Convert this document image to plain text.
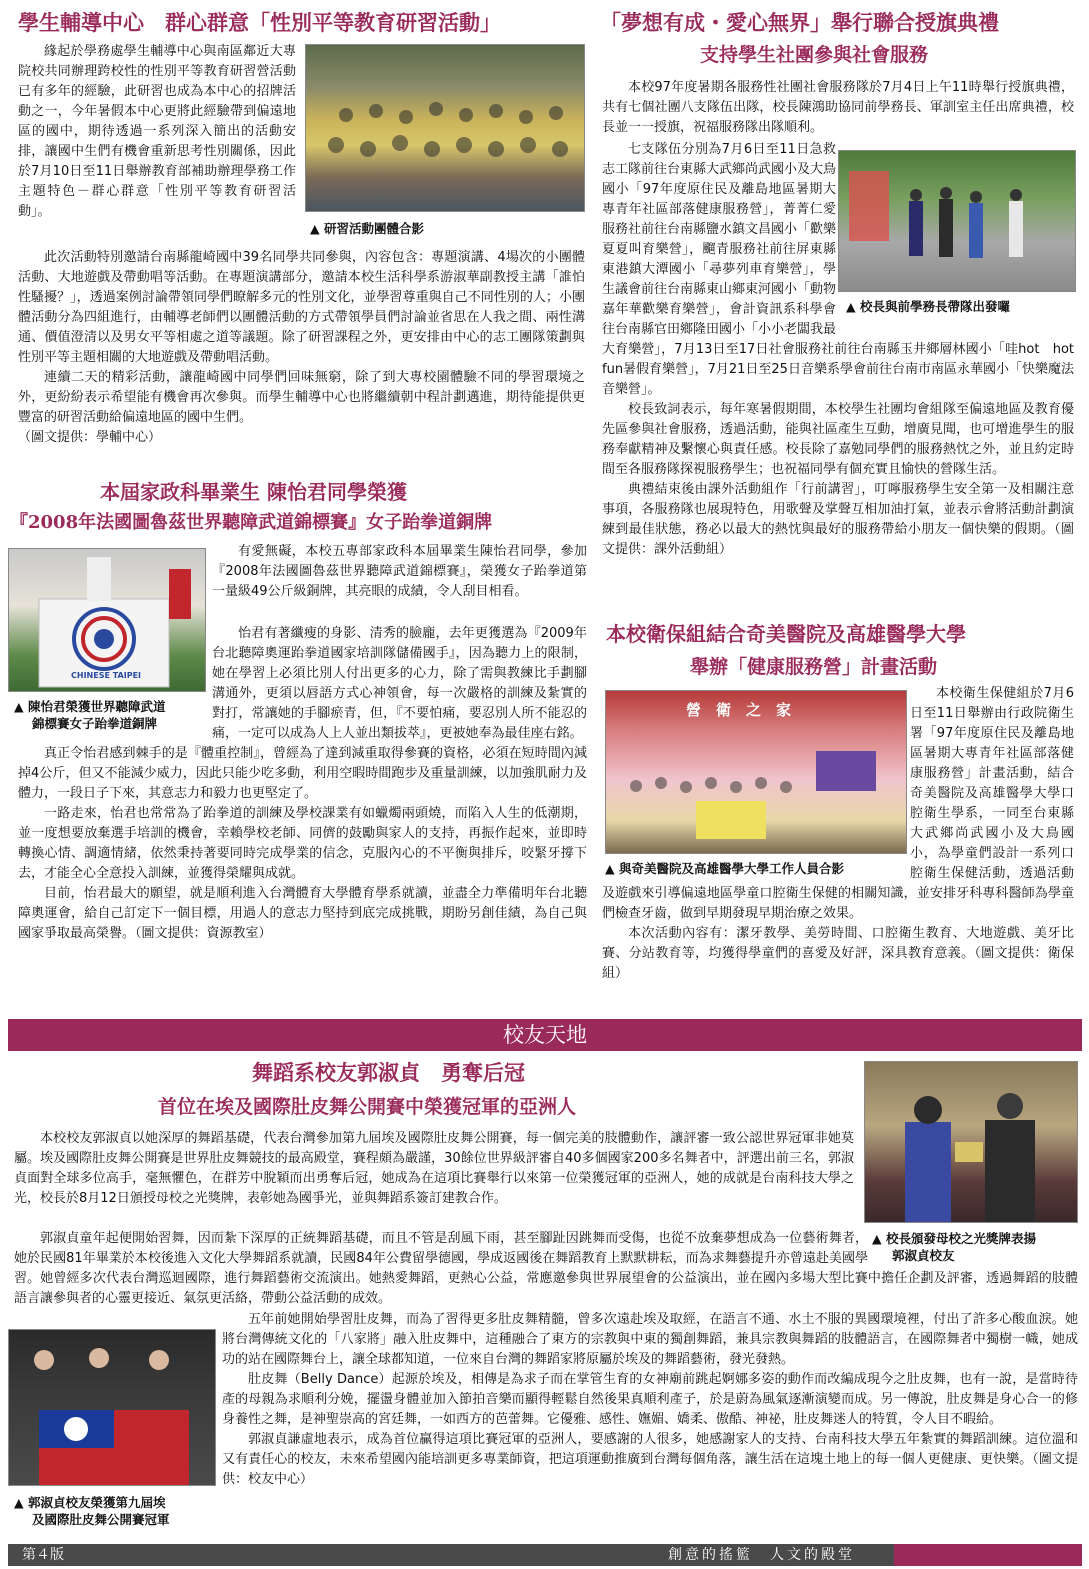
學生輔導中心　群心群意「性別平等教育研習活動」
▲ 研習活動團體合影

緣起於學務處學生輔導中心與南區鄰近大專院校共同辦理跨校性的性別平等教育研習營活動已有多年的經驗，此研習也成為本中心的招牌活動之一，今年暑假本中心更將此經驗帶到偏遠地區的國中，期待透過一系列深入簡出的活動安排，讓國中生們有機會重新思考性別關係，因此於7月10日至11日舉辦教育部補助辦理學務工作主題特色－群心群意「性別平等教育研習活動」。

此次活動特別邀請台南縣龍崎國中39名同學共同參與，內容包含：專題演講、4場次的小團體活動、大地遊戲及帶動唱等活動。在專題演講部分，邀請本校生活科學系游淑華副教授主講「誰怕性騷擾？」，透過案例討論帶領同學們瞭解多元的性別文化，並學習尊重與自己不同性別的人；小團體活動分為四組進行，由輔導老師們以團體活動的方式帶領學員們討論並省思在人我之間、兩性溝通、價值澄清以及男女平等相處之道等議題。除了研習課程之外，更安排由中心的志工團隊策劃與性別平等主題相關的大地遊戲及帶動唱活動。

連續二天的精彩活動，讓龍崎國中同學們回味無窮，除了到大專校園體驗不同的學習環境之外，更紛紛表示希望能有機會再次參與。而學生輔導中心也將繼續朝中程計劃邁進，期待能提供更豐富的研習活動給偏遠地區的國中生們。

（圖文提供：學輔中心）

本屆家政科畢業生 陳怡君同學榮獲
『2008年法國圖魯茲世界聽障武道錦標賽』女子跆拳道銅牌
CHINESE TAIPEI
▲ 陳怡君榮獲世界聽障武道
錦標賽女子跆拳道銅牌

有愛無礙，本校五專部家政科本屆畢業生陳怡君同學，參加『2008年法國圖魯茲世界聽障武道錦標賽』，榮獲女子跆拳道第一量級49公斤級銅牌，其亮眼的成績，令人刮目相看。

怡君有著纖瘦的身影、清秀的臉龐，去年更獲選為『2009年台北聽障奧運跆拳道國家培訓隊儲備國手』，因為聽力上的限制，她在學習上必須比別人付出更多的心力，除了需與教練比手劃腳溝通外，更須以唇語方式心神領會，每一次嚴格的訓練及紮實的對打，常讓她的手腳瘀青，但，『不要怕痛，要忍別人所不能忍的痛，一定可以成為人上人並出類拔萃』，更被她奉為最佳座右銘。

真正令怡君感到棘手的是『體重控制』，曾經為了達到減重取得參賽的資格，必須在短時間內減掉4公斤，但又不能減少威力，因此只能少吃多動，利用空暇時間跑步及重量訓練，以加強肌耐力及體力，一段日子下來，其意志力和毅力也更堅定了。

一路走來，怡君也常常為了跆拳道的訓練及學校課業有如蠟燭兩頭燒，而陷入人生的低潮期，並一度想要放棄選手培訓的機會，幸賴學校老師、同儕的鼓勵與家人的支持，再振作起來，並即時轉換心情、調適情緒，依然秉持著要同時完成學業的信念，克服內心的不平衡與排斥，咬緊牙撐下去，才能全心全意投入訓練，並獲得榮耀與成就。

目前，怡君最大的願望，就是順利進入台灣體育大學體育學系就讀，並盡全力準備明年台北聽障奧運會，給自己訂定下一個目標，用過人的意志力堅持到底完成挑戰，期盼另創佳績，為自己與國家爭取最高榮譽。（圖文提供：資源教室）

「夢想有成・愛心無界」舉行聯合授旗典禮
支持學生社團參與社會服務
▲ 校長與前學務長帶隊出發囉

本校97年度暑期各服務性社團社會服務隊於7月4日上午11時舉行授旗典禮，共有七個社團八支隊伍出隊，校長陳鴻助協同前學務長、軍訓室主任出席典禮，校長並一一授旗，祝福服務隊出隊順利。

七支隊伍分別為7月6日至11日急救志工隊前往台東縣大武鄉尚武國小及大鳥國小「97年度原住民及離島地區暑期大專青年社區部落健康服務營」，菁菁仁愛服務社前往台南縣鹽水鎮文昌國小「歡樂夏夏叫育樂營」，飀青服務社前往屏東縣東港鎮大潭國小「尋夢列車育樂營」，學生議會前往台南縣東山鄉東河國小「動物嘉年華歡樂育樂營」，會計資訊系科學會往台南縣官田鄉隆田國小「小小老闆我最大育樂營」，7月13日至17日社會服務社前往台南縣玉井鄉層林國小「哇hot　hot　fun暑假育樂營」，7月21日至25日音樂系學會前往台南市南區永華國小「快樂魔法音樂營」。

校長致詞表示，每年寒暑假期間，本校學生社團均會組隊至偏遠地區及教育優先區參與社會服務，透過活動，能與社區產生互動，增廣見聞，也可增進學生的服務奉獻精神及繫懷心與責任感。校長除了嘉勉同學們的服務熱忱之外，並且約定時間至各服務隊探視服務學生；也祝福同學有個充實且愉快的營隊生活。

典禮結束後由課外活動組作「行前講習」，叮嚀服務學生安全第一及相關注意事項，各服務隊也展現特色，用歌聲及掌聲互相加油打氣，並表示會將活動計劃演練到最佳狀態，務必以最大的熱忱與最好的服務帶給小朋友一個快樂的假期。（圖文提供：課外活動組）

本校衛保組結合奇美醫院及高雄醫學大學
舉辦「健康服務營」計畫活動
營　衛　之　家
▲ 與奇美醫院及高雄醫學大學工作人員合影

本校衛生保健組於7月6日至11日舉辦由行政院衛生署「97年度原住民及離島地區暑期大專青年社區部落健康服務營」計畫活動，結合奇美醫院及高雄醫學大學口腔衛生學系，一同至台東縣大武鄉尚武國小及大鳥國小，為學童們設計一系列口腔衛生保健活動，透過活動及遊戲來引導偏遠地區學童口腔衛生保健的相關知識，並安排牙科專科醫師為學童們檢查牙齒，做到早期發現早期治療之效果。

本次活動內容有：潔牙教學、美勞時間、口腔衛生教育、大地遊戲、美牙比賽、分站教育等，均獲得學童們的喜愛及好評，深具教育意義。（圖文提供：衛保組）

校友天地
舞蹈系校友郭淑貞　勇奪后冠
首位在埃及國際肚皮舞公開賽中榮獲冠軍的亞洲人
▲ 校長頒發母校之光獎牌表揚
郭淑貞校友
▲ 郭淑貞校友榮獲第九屆埃
及國際肚皮舞公開賽冠軍

本校校友郭淑貞以她深厚的舞蹈基礎，代表台灣參加第九屆埃及國際肚皮舞公開賽，每一個完美的肢體動作，讓評審一致公認世界冠軍非她莫屬。埃及國際肚皮舞公開賽是世界肚皮舞競技的最高殿堂，賽程頗為嚴謹，30餘位世界級評審自40多個國家200多名舞者中，評選出前三名，郭淑貞面對全球多位高手，毫無懼色，在群芳中脫穎而出勇奪后冠，她成為在這項比賽舉行以來第一位榮獲冠軍的亞洲人，她的成就是台南科技大學之光，校長於8月12日頒授母校之光獎牌，表彰她為國爭光，並與舞蹈系簽訂建教合作。

郭淑貞童年起便開始習舞，因而紮下深厚的正統舞蹈基礎，而且不管是刮風下雨，甚至腳趾因跳舞而受傷，也從不放棄夢想成為一位藝術舞者，她於民國81年畢業於本校後進入文化大學舞蹈系就讀，民國84年公費留學德國，學成返國後在舞蹈教育上默默耕耘，而為求舞藝提升亦曾遠赴美國學習。她曾經多次代表台灣巡迴國際，進行舞蹈藝術交流演出。她熱愛舞蹈，更熱心公益，常應邀參與世界展望會的公益演出，並在國內多場大型比賽中擔任企劃及評審，透過舞蹈的肢體語言讓參與者的心靈更接近、氣氛更活絡，帶動公益活動的成效。

五年前她開始學習肚皮舞，而為了習得更多肚皮舞精髓，曾多次遠赴埃及取經，在語言不通、水土不服的異國環境裡，付出了許多心酸血淚。她將台灣傳統文化的「八家將」融入肚皮舞中，這種融合了東方的宗教與中東的獨創舞蹈，兼具宗教與舞蹈的肢體語言，在國際舞者中獨樹一幟，她成功的站在國際舞台上，讓全球都知道，一位來自台灣的舞蹈家將原屬於埃及的舞蹈藝術，發光發熱。

肚皮舞（Belly Dance）起源於埃及，相傳是為求子而在掌管生育的女神廟前跳起婀娜多姿的動作而改編成現今之肚皮舞，也有一說，是當時待產的母親為求順利分娩，擺盪身體並加入節拍音樂而顯得輕鬆自然後果真順利產子，於是蔚為風氣逐漸演變而成。另一傳說，肚皮舞是身心合一的修身養性之舞，是神聖崇高的宮廷舞，一如西方的芭蕾舞。它優雅、感性、嫵媚、嬌柔、傲酷、神祕，肚皮舞迷人的特質，令人目不暇給。

郭淑貞謙虛地表示，成為首位贏得這項比賽冠軍的亞洲人，要感謝的人很多，她感謝家人的支持、台南科技大學五年紮實的舞蹈訓練。這位溫和又有責任心的校友，未來希望國內能培訓更多專業師資，把這項運動推廣到台灣每個角落，讓生活在這塊土地上的每一個人更健康、更快樂。（圖文提供：校友中心）

第４版	創意的搖籃　人文的殿堂
